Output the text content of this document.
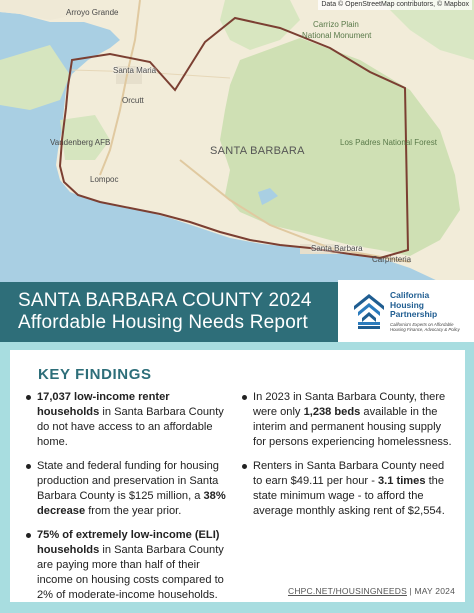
Data © OpenStreetMap contributors, © Mapbox
Arroyo Grande
Carrizo Plain
National Monument
Santa Maria
Orcutt
Vandenberg AFB
Lompoc
SANTA BARBARA
Los Padres National Forest
Santa Barbara
Carpinteria
SANTA BARBARA COUNTY 2024
Affordable Housing Needs Report
California
Housing
Partnership
California's Experts on Affordable Housing Finance, Advocacy & Policy
KEY FINDINGS
17,037 low-income renter households in Santa Barbara County do not have access to an affordable home.
State and federal funding for housing production and preservation in Santa Barbara County is $125 million, a 38% decrease from the year prior.
75% of extremely low-income (ELI) households in Santa Barbara County are paying more than half of their income on housing costs compared to 2% of moderate-income households.
In 2023 in Santa Barbara County, there were only 1,238 beds available in the interim and permanent housing supply for persons experiencing homelessness.
Renters in Santa Barbara County need to earn $49.11 per hour - 3.1 times the state minimum wage - to afford the average monthly asking rent of $2,554.
CHPC.NET/HOUSINGNEEDS | MAY 2024
